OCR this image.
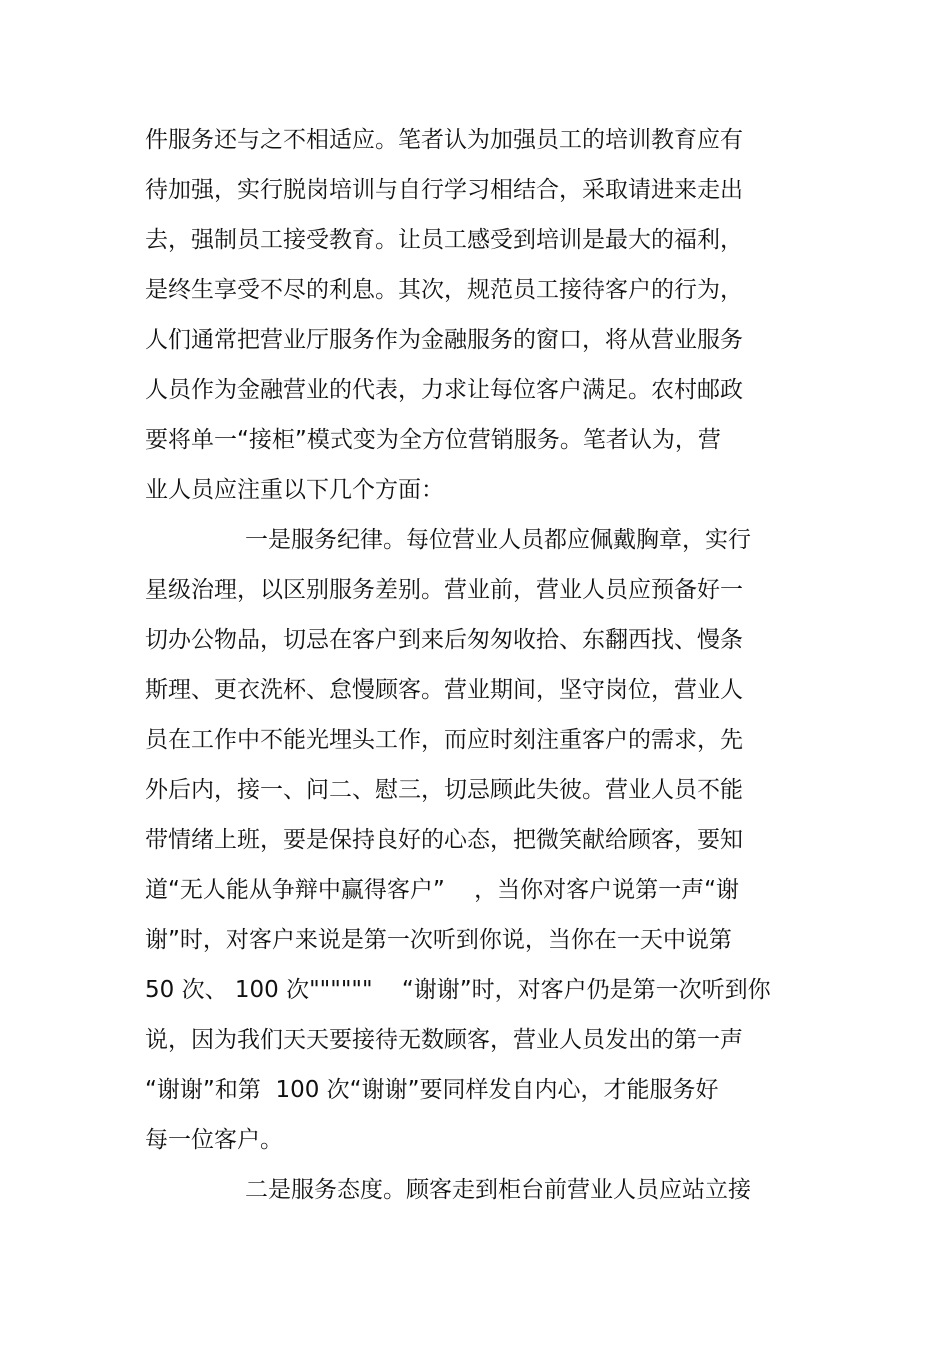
件服务还与之不相适应。笔者认为加强员工的培训教育应有

待加强，实行脱岗培训与自行学习相结合，采取请进来走出

去，强制员工接受教育。让员工感受到培训是最大的福利，

是终生享受不尽的利息。其次，规范员工接待客户的行为，

人们通常把营业厅服务作为金融服务的窗口，将从营业服务

人员作为金融营业的代表，力求让每位客户满足。农村邮政

要将单一“接柜”模式变为全方位营销服务。笔者认为，营

业人员应注重以下几个方面：

一是服务纪律。每位营业人员都应佩戴胸章，实行

星级治理，以区别服务差别。营业前，营业人员应预备好一

切办公物品，切忌在客户到来后匆匆收拾、东翻西找、慢条

斯理、更衣洗杯、怠慢顾客。营业期间，坚守岗位，营业人

员在工作中不能光埋头工作，而应时刻注重客户的需求，先

外后内，接一、问二、慰三，切忌顾此失彼。营业人员不能

带情绪上班，要是保持良好的心态，把微笑献给顾客，要知

道“无人能从争辩中赢得客户”    ，当你对客户说第一声“谢

谢”时，对客户来说是第一次听到你说，当你在一天中说第

50 次、 100 次""""""    “谢谢”时，对客户仍是第一次听到你

说，因为我们天天要接待无数顾客，营业人员发出的第一声

“谢谢”和第  100 次“谢谢”要同样发自内心，才能服务好

每一位客户。

二是服务态度。顾客走到柜台前营业人员应站立接
